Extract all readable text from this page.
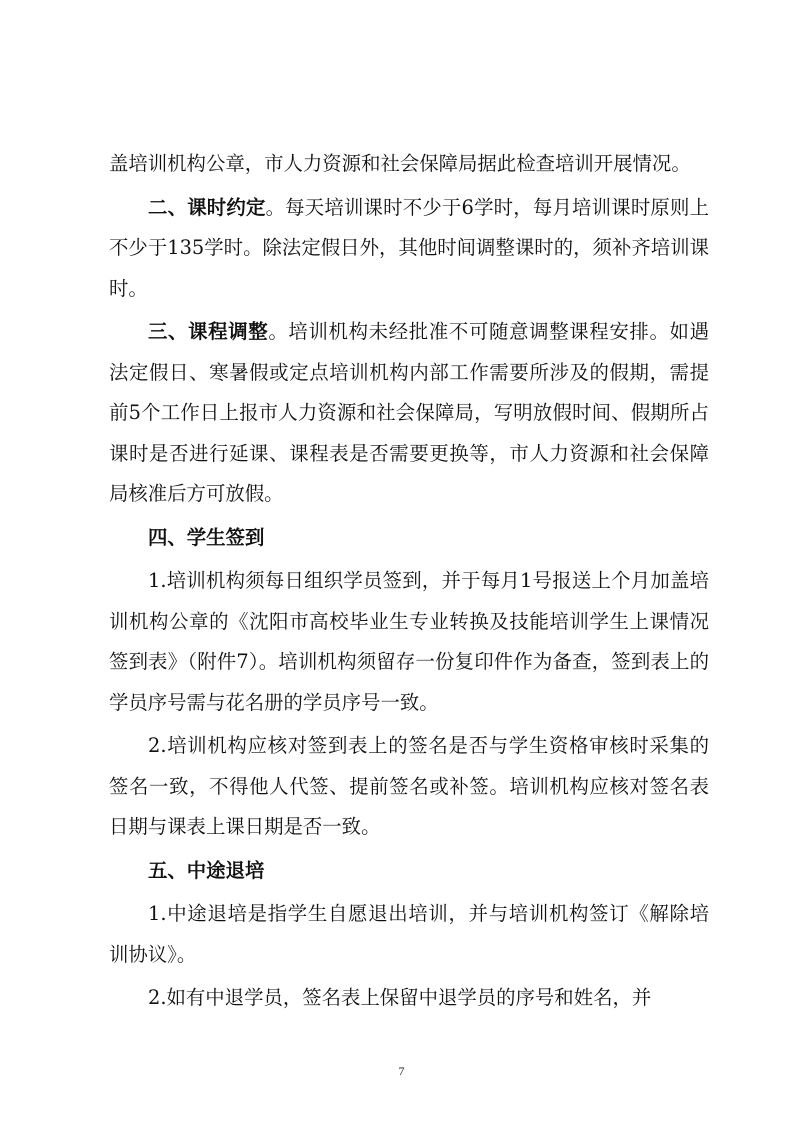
盖培训机构公章，市人力资源和社会保障局据此检查培训开展情况。

二、课时约定。每天培训课时不少于6学时，每月培训课时原则上不少于135学时。除法定假日外，其他时间调整课时的，须补齐培训课时。

三、课程调整。培训机构未经批准不可随意调整课程安排。如遇法定假日、寒暑假或定点培训机构内部工作需要所涉及的假期，需提前5个工作日上报市人力资源和社会保障局，写明放假时间、假期所占课时是否进行延课、课程表是否需要更换等，市人力资源和社会保障局核准后方可放假。

四、学生签到

1.培训机构须每日组织学员签到，并于每月1号报送上个月加盖培训机构公章的《沈阳市高校毕业生专业转换及技能培训学生上课情况签到表》（附件7）。培训机构须留存一份复印件作为备查，签到表上的学员序号需与花名册的学员序号一致。

2.培训机构应核对签到表上的签名是否与学生资格审核时采集的签名一致，不得他人代签、提前签名或补签。培训机构应核对签名表日期与课表上课日期是否一致。

五、中途退培

1.中途退培是指学生自愿退出培训，并与培训机构签订《解除培训协议》。

2.如有中退学员，签名表上保留中退学员的序号和姓名，并

7
